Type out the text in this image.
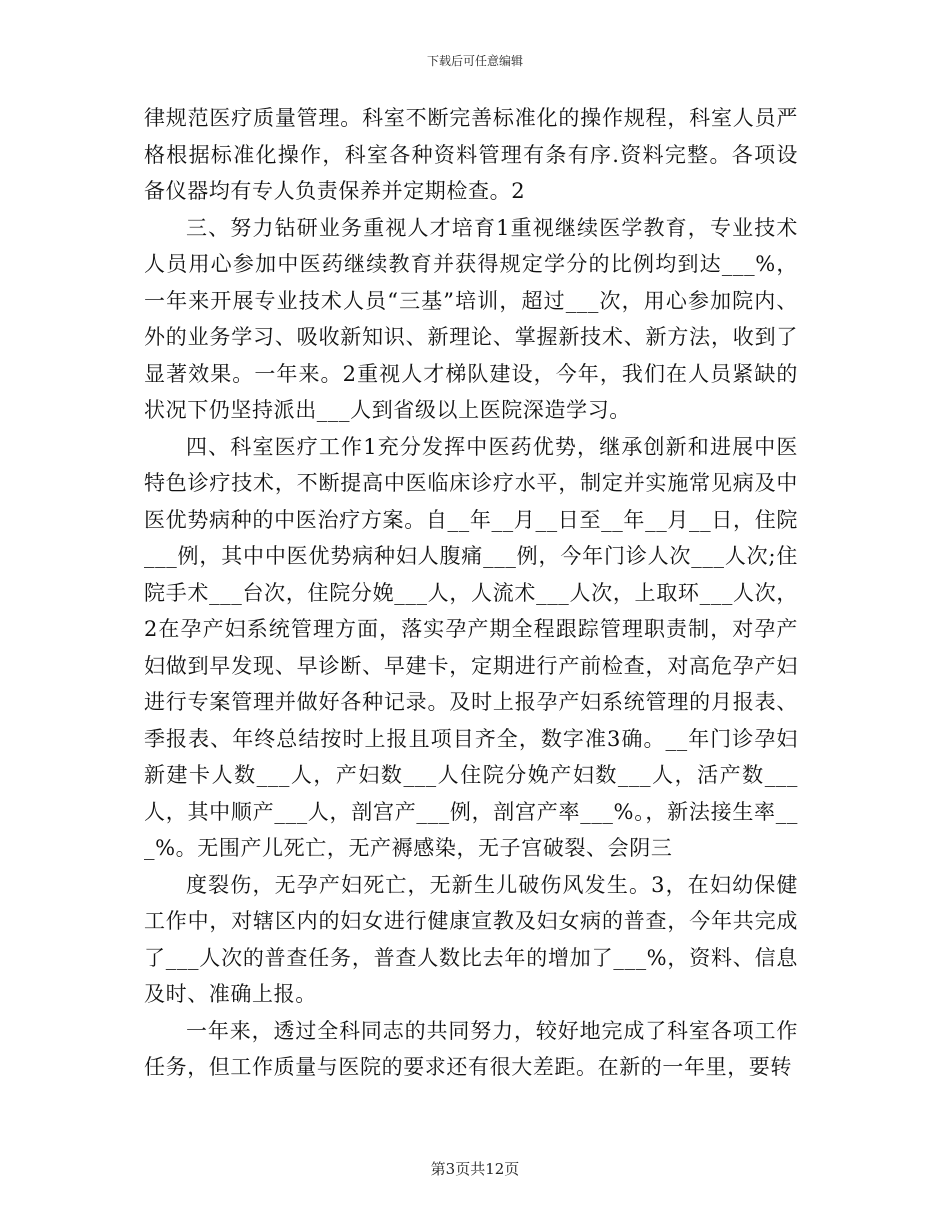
下载后可任意编辑

律规范医疗质量管理。科室不断完善标准化的操作规程，科室人员严格根据标准化操作，科室各种资料管理有条有序.资料完整。各项设备仪器均有专人负责保养并定期检查。2

三、努力钻研业务重视人才培育1重视继续医学教育，专业技术人员用心参加中医药继续教育并获得规定学分的比例均到达___%，一年来开展专业技术人员“三基”培训，超过___次，用心参加院内、外的业务学习、吸收新知识、新理论、掌握新技术、新方法，收到了显著效果。一年来。2重视人才梯队建设，今年，我们在人员紧缺的状况下仍坚持派出___人到省级以上医院深造学习。

四、科室医疗工作1充分发挥中医药优势，继承创新和进展中医特色诊疗技术，不断提高中医临床诊疗水平，制定并实施常见病及中医优势病种的中医治疗方案。自__年__月__日至__年__月__日，住院___例，其中中医优势病种妇人腹痛___例，今年门诊人次___人次;住院手术___台次，住院分娩___人，人流术___人次，上取环___人次，2在孕产妇系统管理方面，落实孕产期全程跟踪管理职责制，对孕产妇做到早发现、早诊断、早建卡，定期进行产前检查，对高危孕产妇进行专案管理并做好各种记录。及时上报孕产妇系统管理的月报表、季报表、年终总结按时上报且项目齐全，数字准3确。__年门诊孕妇新建卡人数___人，产妇数___人住院分娩产妇数___人，活产数___人，其中顺产___人，剖宫产___例，剖宫产率___%。，新法接生率___%。无围产儿死亡，无产褥感染，无子宫破裂、会阴三

度裂伤，无孕产妇死亡，无新生儿破伤风发生。3，在妇幼保健工作中，对辖区内的妇女进行健康宣教及妇女病的普查，今年共完成了___人次的普查任务，普查人数比去年的增加了___%，资料、信息及时、准确上报。

一年来，透过全科同志的共同努力，较好地完成了科室各项工作任务，但工作质量与医院的要求还有很大差距。在新的一年里，要转

第3页共12页
